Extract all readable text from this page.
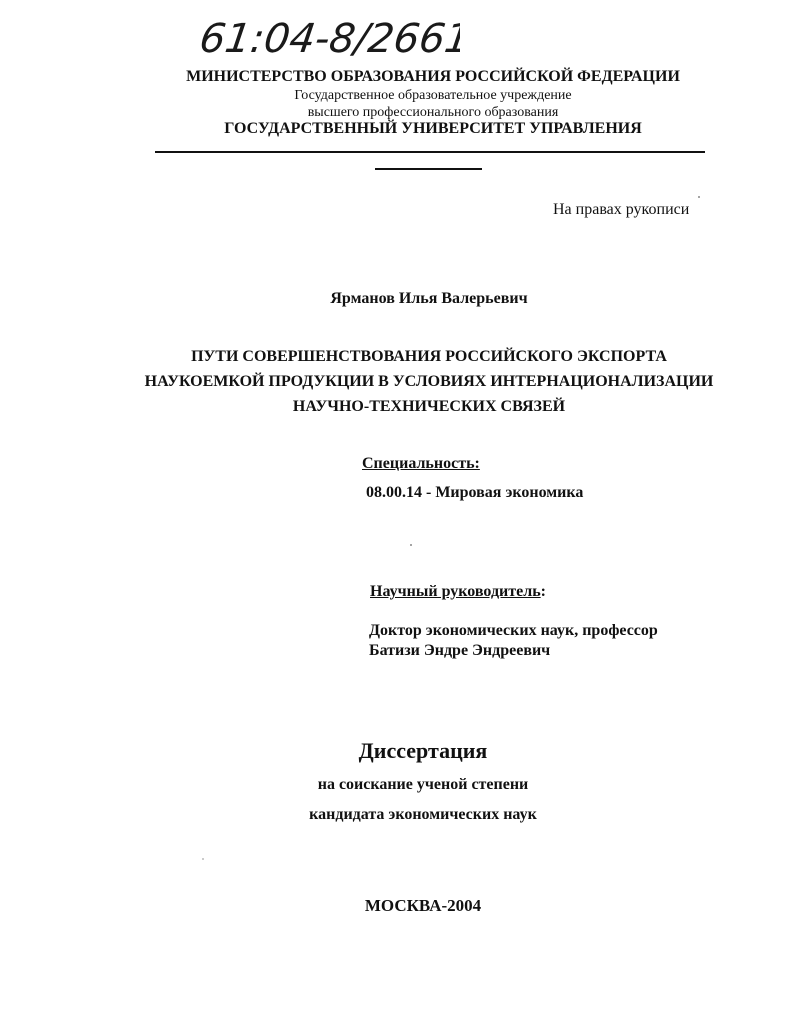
61:04-8/2661
МИНИСТЕРСТВО ОБРАЗОВАНИЯ РОССИЙСКОЙ ФЕДЕРАЦИИ
Государственное образовательное учреждение
высшего профессионального образования
ГОСУДАРСТВЕННЫЙ УНИВЕРСИТЕТ УПРАВЛЕНИЯ
На правах рукописи
Ярманов Илья Валерьевич
ПУТИ СОВЕРШЕНСТВОВАНИЯ РОССИЙСКОГО ЭКСПОРТА
НАУКОЕМКОЙ ПРОДУКЦИИ В УСЛОВИЯХ ИНТЕРНАЦИОНАЛИЗАЦИИ
НАУЧНО-ТЕХНИЧЕСКИХ СВЯЗЕЙ
Специальность:
08.00.14 - Мировая экономика
Научный руководитель:
Доктор экономических наук, профессор
Батизи Эндре Эндреевич
Диссертация
на соискание ученой степени
кандидата экономических наук
МОСКВА-2004
